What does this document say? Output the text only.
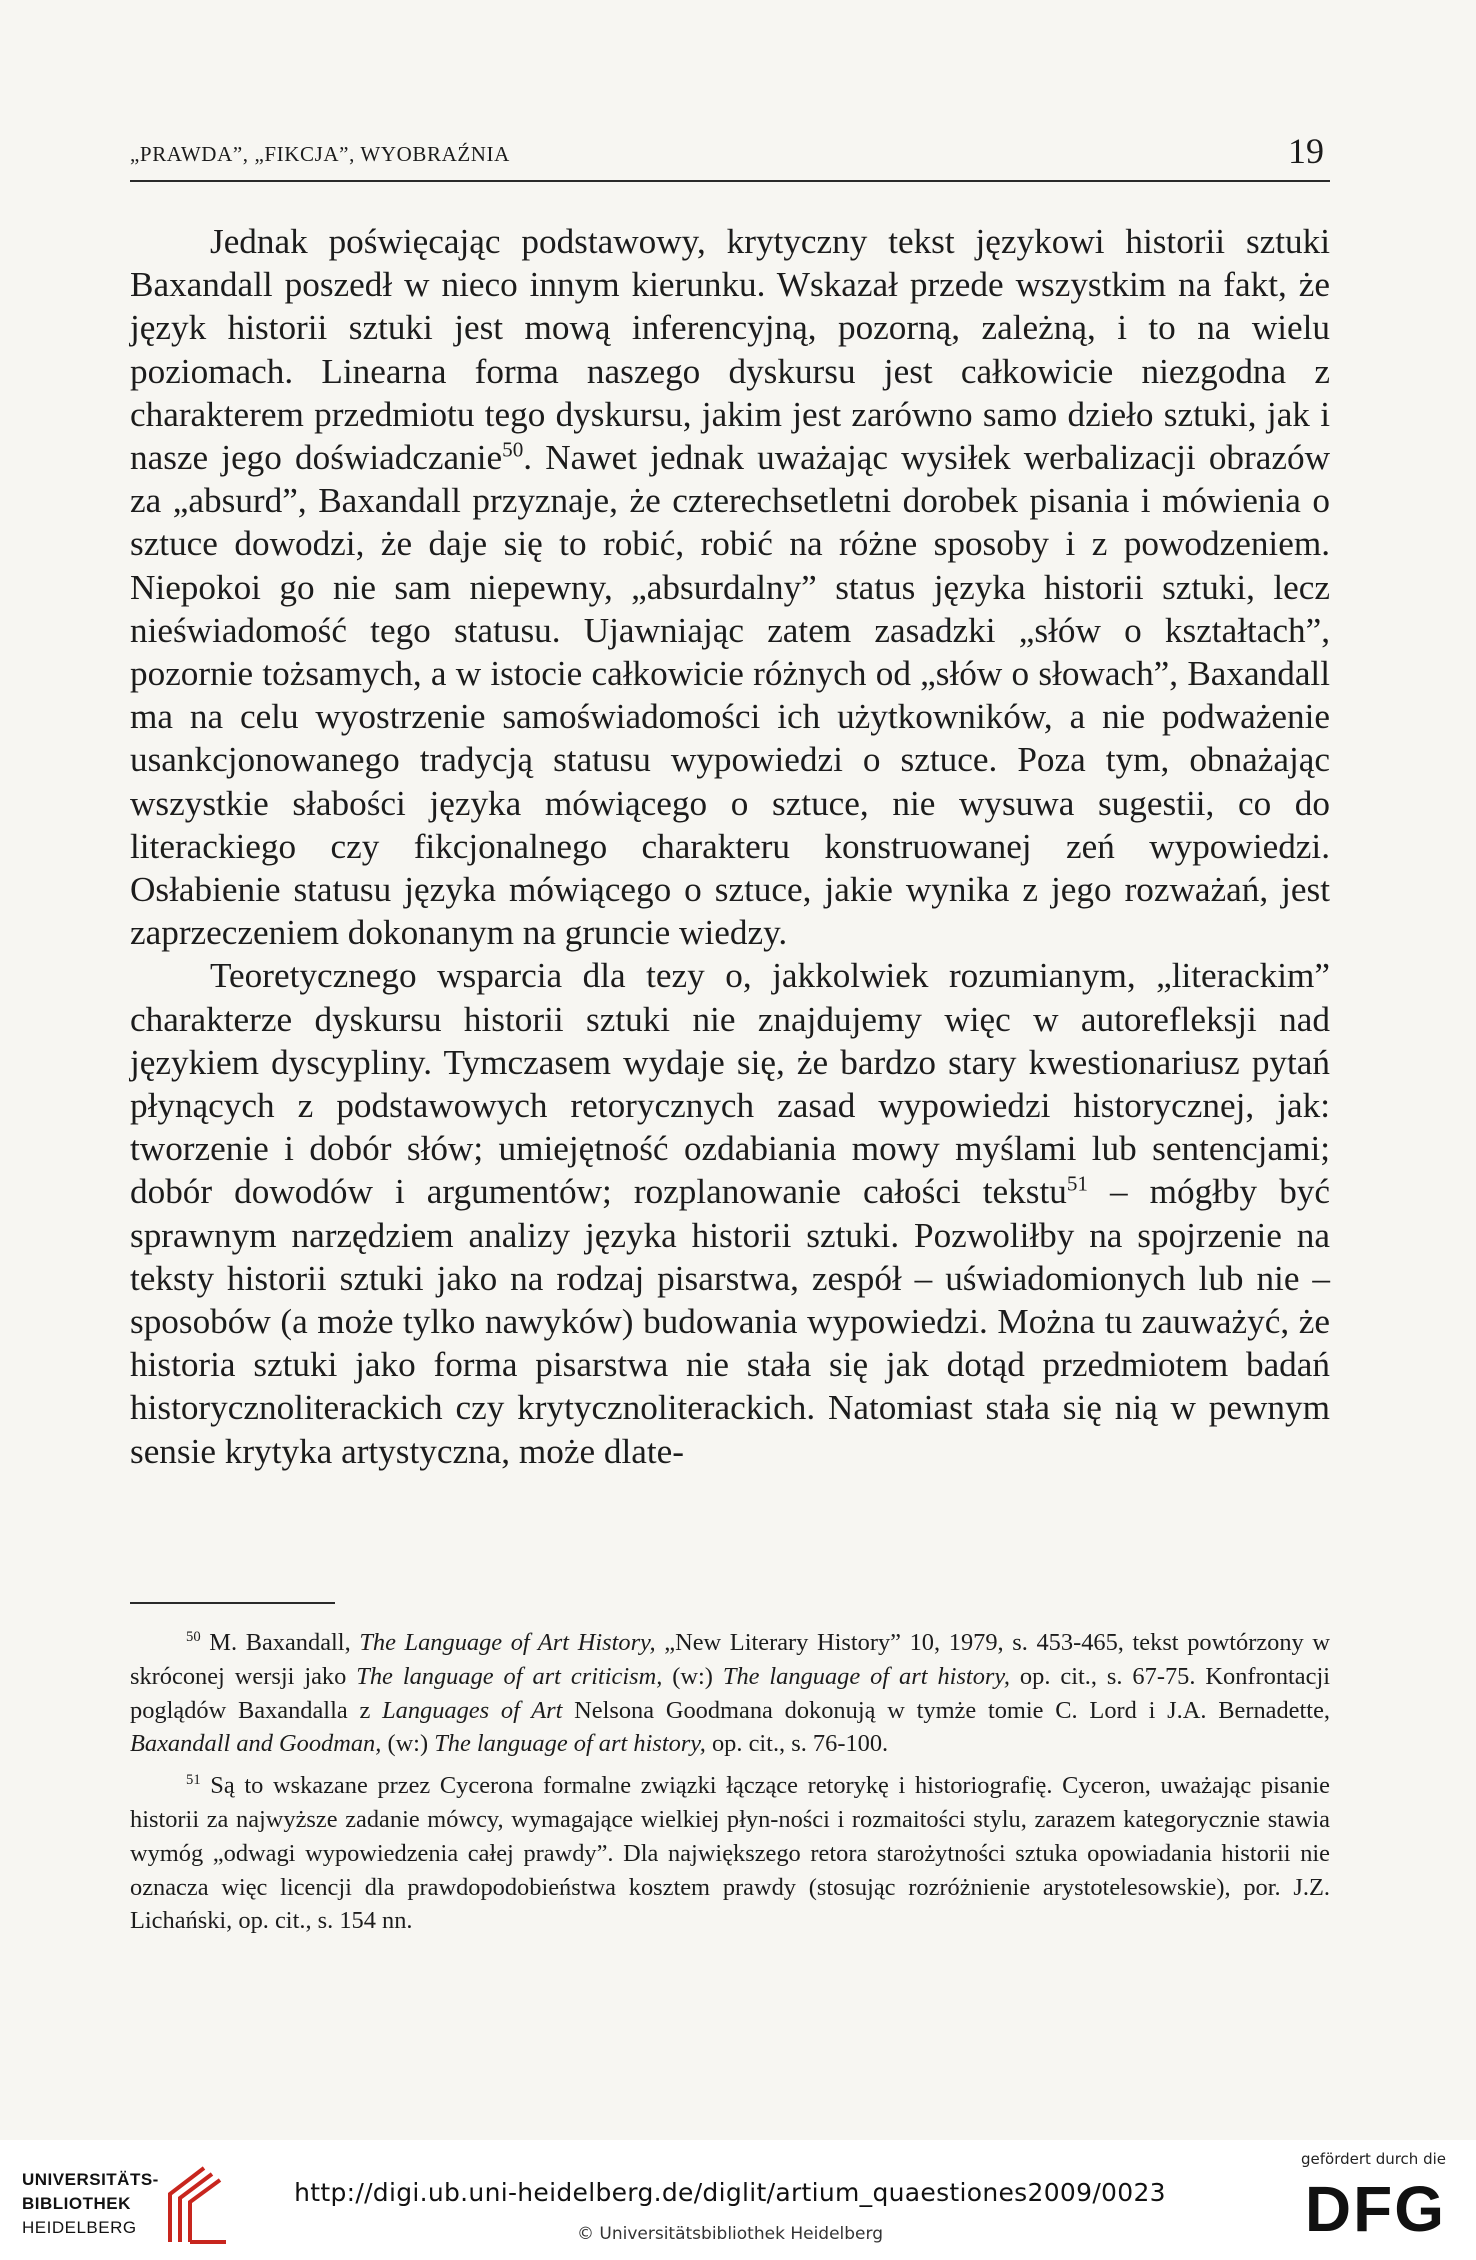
„PRAWDA”, „FIKCJA”, WYOBRAŹNIA	19

Jednak poświęcając podstawowy, krytyczny tekst językowi historii sztuki Baxandall poszedł w nieco innym kierunku. Wskazał przede wszystkim na fakt, że język historii sztuki jest mową inferencyjną, pozorną, zależną, i to na wielu poziomach. Linearna forma naszego dyskursu jest całkowicie niezgodna z charakterem przedmiotu tego dyskursu, jakim jest zarówno samo dzieło sztuki, jak i nasze jego doświadczanie$^{50}$. Nawet jednak uważając wysiłek werbalizacji obrazów za „absurd”, Baxandall przyznaje, że czterechsetletni dorobek pisania i mówienia o sztuce dowodzi, że daje się to robić, robić na różne sposoby i z powodzeniem. Niepokoi go nie sam niepewny, „absurdalny” status języka historii sztuki, lecz nieświadomość tego statusu. Ujawniając zatem zasadzki „słów o kształtach”, pozornie tożsamych, a w istocie całkowicie różnych od „słów o słowach”, Baxandall ma na celu wyostrzenie samoświadomości ich użytkowników, a nie podważenie usankcjonowanego tradycją statusu wypowiedzi o sztuce. Poza tym, obnażając wszystkie słabości języka mówiącego o sztuce, nie wysuwa sugestii, co do literackiego czy fikcjonalnego charakteru konstruowanej zeń wypowiedzi. Osłabienie statusu języka mówiącego o sztuce, jakie wynika z jego rozważań, jest zaprzeczeniem dokonanym na gruncie wiedzy.

Teoretycznego wsparcia dla tezy o, jakkolwiek rozumianym, „literackim” charakterze dyskursu historii sztuki nie znajdujemy więc w autorefleksji nad językiem dyscypliny. Tymczasem wydaje się, że bardzo stary kwestionariusz pytań płynących z podstawowych retorycznych zasad wypowiedzi historycznej, jak: tworzenie i dobór słów; umiejętność ozdabiania mowy myślami lub sentencjami; dobór dowodów i argumentów; rozplanowanie całości tekstu$^{51}$ – mógłby być sprawnym narzędziem analizy języka historii sztuki. Pozwoliłby na spojrzenie na teksty historii sztuki jako na rodzaj pisarstwa, zespół – uświadomionych lub nie – sposobów (a może tylko nawyków) budowania wypowiedzi. Można tu zauważyć, że historia sztuki jako forma pisarstwa nie stała się jak dotąd przedmiotem badań historycznoliterackich czy krytycznoliterackich. Natomiast stała się nią w pewnym sensie krytyka artystyczna, może dlate-

$^{50}$ M. Baxandall, The Language of Art History, „New Literary History” 10, 1979, s. 453-465, tekst powtórzony w skróconej wersji jako The language of art criticism, (w:) The language of art history, op. cit., s. 67-75. Konfrontacji poglądów Baxandalla z Languages of Art Nelsona Goodmana dokonują w tymże tomie C. Lord i J.A. Bernadette, Baxandall and Goodman, (w:) The language of art history, op. cit., s. 76-100.

$^{51}$ Są to wskazane przez Cycerona formalne związki łączące retorykę i historiografię. Cyceron, uważając pisanie historii za najwyższe zadanie mówcy, wymagające wielkiej płyn-ności i rozmaitości stylu, zarazem kategorycznie stawia wymóg „odwagi wypowiedzenia całej prawdy”. Dla największego retora starożytności sztuka opowiadania historii nie oznacza więc licencji dla prawdopodobieństwa kosztem prawdy (stosując rozróżnienie arystotelesowskie), por. J.Z. Lichański, op. cit., s. 154 nn.

UNIVERSITÄTS-
BIBLIOTHEK
HEIDELBERG
http://digi.ub.uni-heidelberg.de/diglit/artium_quaestiones2009/0023
© Universitätsbibliothek Heidelberg
gefördert durch die
DFG
